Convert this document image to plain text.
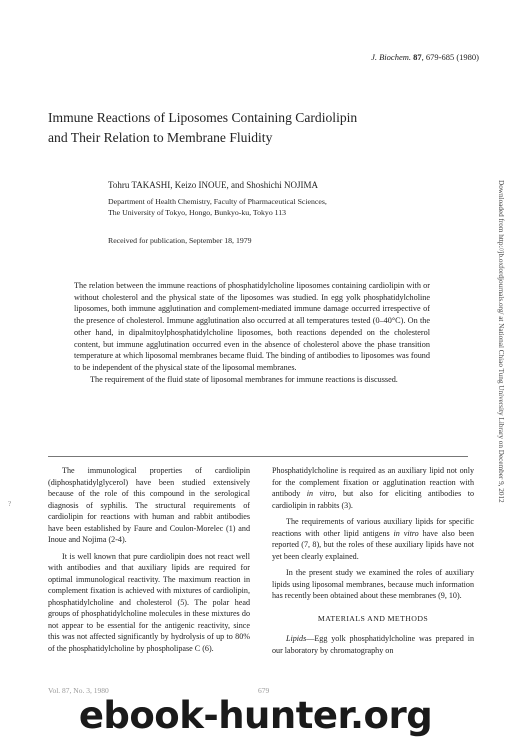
J. Biochem. 87, 679-685 (1980)
Immune Reactions of Liposomes Containing Cardiolipin
and Their Relation to Membrane Fluidity
Tohru TAKASHI, Keizo INOUE, and Shoshichi NOJIMA
Department of Health Chemistry, Faculty of Pharmaceutical Sciences,
The University of Tokyo, Hongo, Bunkyo-ku, Tokyo 113
Received for publication, September 18, 1979

The relation between the immune reactions of phosphatidylcholine liposomes containing cardiolipin with or without cholesterol and the physical state of the liposomes was studied. In egg yolk phosphatidylcholine liposomes, both immune agglutination and complement-mediated immune damage occurred irrespective of the presence of cholesterol. Immune agglutination also occurred at all temperatures tested (0–40°C). On the other hand, in dipalmitoylphosphatidylcholine liposomes, both reactions depended on the cholesterol content, but immune agglutination occurred even in the absence of cholesterol above the phase transition temperature at which liposomal membranes became fluid. The binding of antibodies to liposomes was found to be independent of the physical state of the liposomal membranes.

The requirement of the fluid state of liposomal membranes for immune reactions is discussed.

The immunological properties of cardiolipin (diphosphatidylglycerol) have been studied extensively because of the role of this compound in the serological diagnosis of syphilis. The structural requirements of cardiolipin for reactions with human and rabbit antibodies have been established by Faure and Coulon-Morelec (1) and Inoue and Nojima (2-4).

It is well known that pure cardiolipin does not react well with antibodies and that auxiliary lipids are required for optimal immunological reactivity. The maximum reaction in complement fixation is achieved with mixtures of cardiolipin, phosphatidylcholine and cholesterol (5). The polar head groups of phosphatidylcholine molecules in these mixtures do not appear to be essential for the antigenic reactivity, since this was not affected significantly by hydrolysis of up to 80% of the phosphatidylcholine by phospholipase C (6).

Phosphatidylcholine is required as an auxiliary lipid not only for the complement fixation or agglutination reaction with antibody in vitro, but also for eliciting antibodies to cardiolipin in rabbits (3).

The requirements of various auxiliary lipids for specific reactions with other lipid antigens in vitro have also been reported (7, 8), but the roles of these auxiliary lipids have not yet been clearly explained.

In the present study we examined the roles of auxiliary lipids using liposomal membranes, because much information has recently been obtained about these membranes (9, 10).

MATERIALS AND METHODS

Lipids—Egg yolk phosphatidylcholine was prepared in our laboratory by chromatography on

Vol. 87, No. 3, 1980	679
Downloaded from http://jb.oxfordjournals.org/ at National Chiao Tung University Library on December 9, 2012
?
ebook-hunter.org
